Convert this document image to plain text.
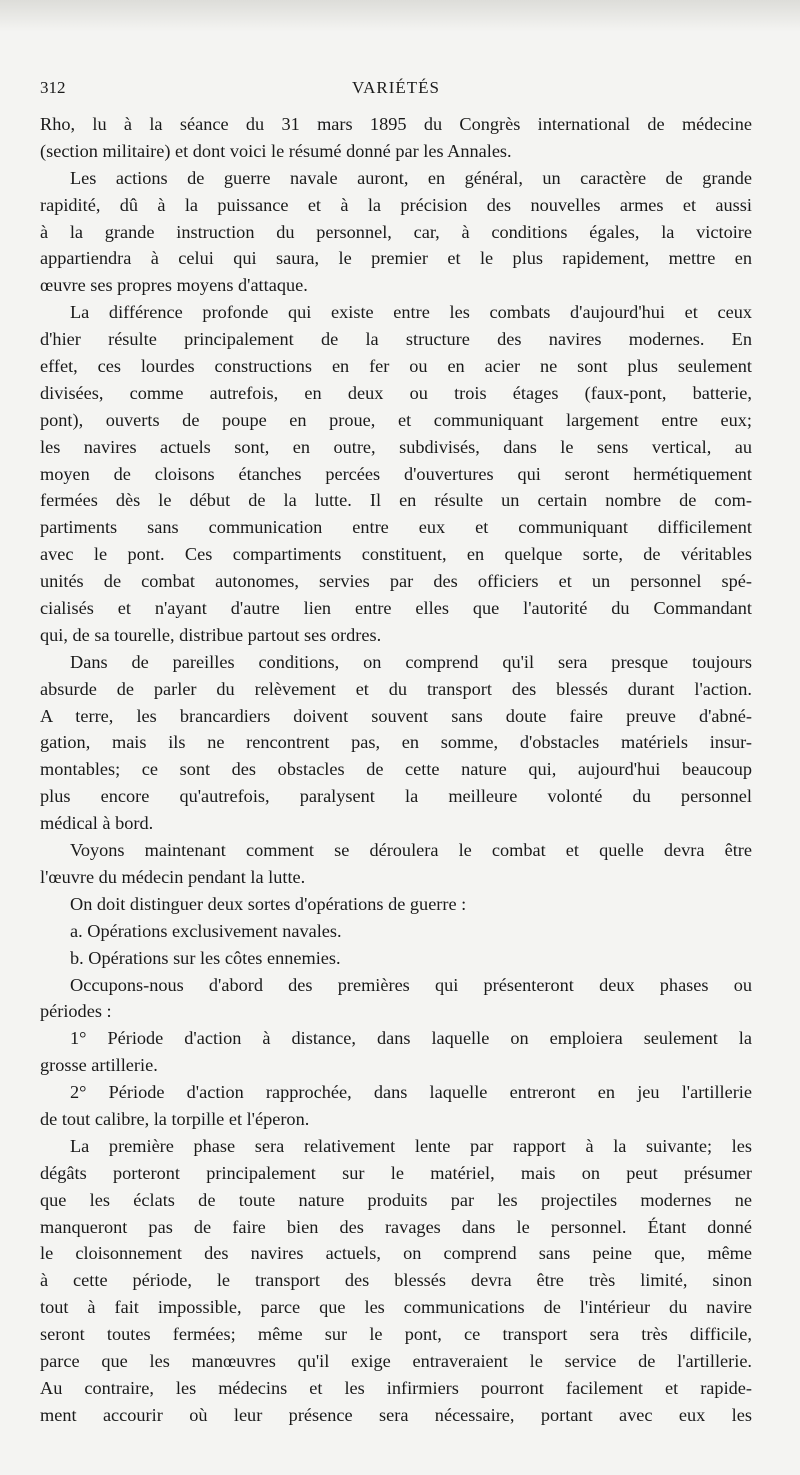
312	VARIÉTÉS
Rho, lu à la séance du 31 mars 1895 du Congrès international de médecine
(section militaire) et dont voici le résumé donné par les Annales.
Les actions de guerre navale auront, en général, un caractère de grande
rapidité, dû à la puissance et à la précision des nouvelles armes et aussi
à la grande instruction du personnel, car, à conditions égales, la victoire
appartiendra à celui qui saura, le premier et le plus rapidement, mettre en
œuvre ses propres moyens d'attaque.
La différence profonde qui existe entre les combats d'aujourd'hui et ceux
d'hier résulte principalement de la structure des navires modernes. En
effet, ces lourdes constructions en fer ou en acier ne sont plus seulement
divisées, comme autrefois, en deux ou trois étages (faux-pont, batterie,
pont), ouverts de poupe en proue, et communiquant largement entre eux;
les navires actuels sont, en outre, subdivisés, dans le sens vertical, au
moyen de cloisons étanches percées d'ouvertures qui seront hermétiquement
fermées dès le début de la lutte. Il en résulte un certain nombre de com-
partiments sans communication entre eux et communiquant difficilement
avec le pont. Ces compartiments constituent, en quelque sorte, de véritables
unités de combat autonomes, servies par des officiers et un personnel spé-
cialisés et n'ayant d'autre lien entre elles que l'autorité du Commandant
qui, de sa tourelle, distribue partout ses ordres.
Dans de pareilles conditions, on comprend qu'il sera presque toujours
absurde de parler du relèvement et du transport des blessés durant l'action.
A terre, les brancardiers doivent souvent sans doute faire preuve d'abné-
gation, mais ils ne rencontrent pas, en somme, d'obstacles matériels insur-
montables; ce sont des obstacles de cette nature qui, aujourd'hui beaucoup
plus encore qu'autrefois, paralysent la meilleure volonté du personnel
médical à bord.
Voyons maintenant comment se déroulera le combat et quelle devra être
l'œuvre du médecin pendant la lutte.
On doit distinguer deux sortes d'opérations de guerre :
a. Opérations exclusivement navales.
b. Opérations sur les côtes ennemies.
Occupons-nous d'abord des premières qui présenteront deux phases ou
périodes :
1° Période d'action à distance, dans laquelle on emploiera seulement la
grosse artillerie.
2° Période d'action rapprochée, dans laquelle entreront en jeu l'artillerie
de tout calibre, la torpille et l'éperon.
La première phase sera relativement lente par rapport à la suivante; les
dégâts porteront principalement sur le matériel, mais on peut présumer
que les éclats de toute nature produits par les projectiles modernes ne
manqueront pas de faire bien des ravages dans le personnel. Étant donné
le cloisonnement des navires actuels, on comprend sans peine que, même
à cette période, le transport des blessés devra être très limité, sinon
tout à fait impossible, parce que les communications de l'intérieur du navire
seront toutes fermées; même sur le pont, ce transport sera très difficile,
parce que les manœuvres qu'il exige entraveraient le service de l'artillerie.
Au contraire, les médecins et les infirmiers pourront facilement et rapide-
ment accourir où leur présence sera nécessaire, portant avec eux les
